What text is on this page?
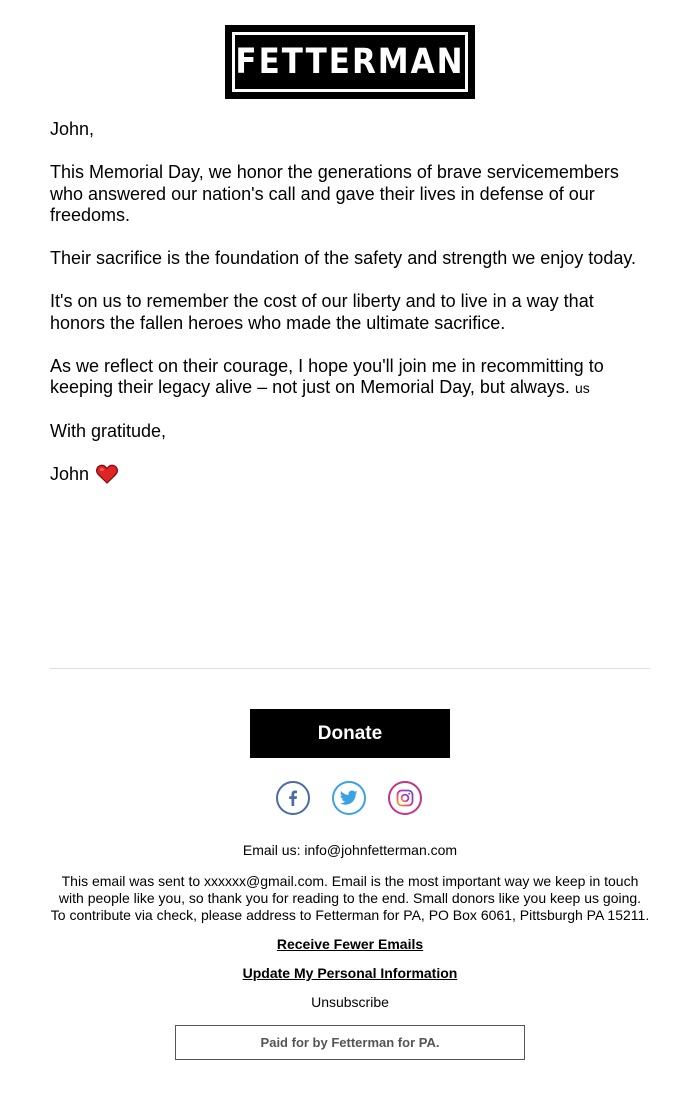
FETTERMAN

John,

This Memorial Day, we honor the generations of brave servicemembers who answered our nation's call and gave their lives in defense of our freedoms.

Their sacrifice is the foundation of the safety and strength we enjoy today.

It's on us to remember the cost of our liberty and to live in a way that honors the fallen heroes who made the ultimate sacrifice.

As we reflect on their courage, I hope you'll join me in recommitting to keeping their legacy alive – not just on Memorial Day, but always. us

With gratitude,

John

Donate
Email us: info@johnfetterman.com
This email was sent to xxxxxx@gmail.com. Email is the most important way we keep in touch
with people like you, so thank you for reading to the end. Small donors like you keep us going.
To contribute via check, please address to Fetterman for PA, PO Box 6061, Pittsburgh PA 15211.
Receive Fewer Emails
Update My Personal Information
Unsubscribe
Paid for by Fetterman for PA.
